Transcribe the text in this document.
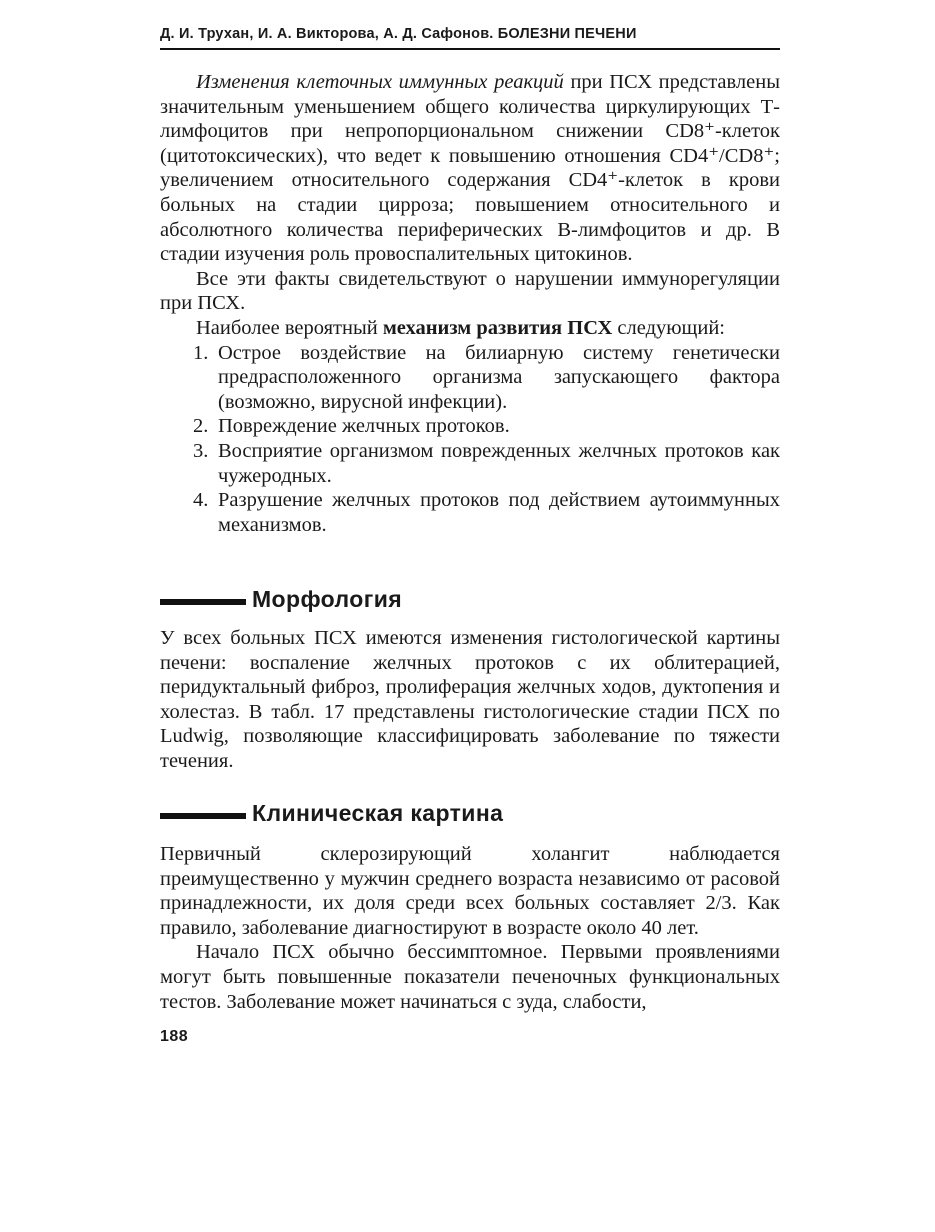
Д. И. Трухан, И. А. Викторова, А. Д. Сафонов. БОЛЕЗНИ ПЕЧЕНИ

Изменения клеточных иммунных реакций при ПСХ представлены значительным уменьшением общего количества циркулирующих Т-лимфоцитов при непропорциональном снижении CD8⁺-клеток (цитотоксических), что ведет к повышению отношения CD4⁺/CD8⁺; увеличением относительного содержания CD4⁺-клеток в крови больных на стадии цирроза; повышением относительного и абсолютного количества периферических В-лимфоцитов и др. В стадии изучения роль провоспалительных цитокинов.

Все эти факты свидетельствуют о нарушении иммунорегуляции при ПСХ.

Наиболее вероятный механизм развития ПСХ следующий:

1. Острое воздействие на билиарную систему генетически предрасположенного организма запускающего фактора (возможно, вирусной инфекции).
2. Повреждение желчных протоков.
3. Восприятие организмом поврежденных желчных протоков как чужеродных.
4. Разрушение желчных протоков под действием аутоиммунных механизмов.
Морфология

У всех больных ПСХ имеются изменения гистологической картины печени: воспаление желчных протоков с их облитерацией, перидуктальный фиброз, пролиферация желчных ходов, дуктопения и холестаз. В табл. 17 представлены гистологические стадии ПСХ по Ludwig, позволяющие классифицировать заболевание по тяжести течения.

Клиническая картина

Первичный склерозирующий холангит наблюдается преимущественно у мужчин среднего возраста независимо от расовой принадлежности, их доля среди всех больных составляет 2/3. Как правило, заболевание диагностируют в возрасте около 40 лет.

Начало ПСХ обычно бессимптомное. Первыми проявлениями могут быть повышенные показатели печеночных функциональных тестов. Заболевание может начинаться с зуда, слабости,

188
